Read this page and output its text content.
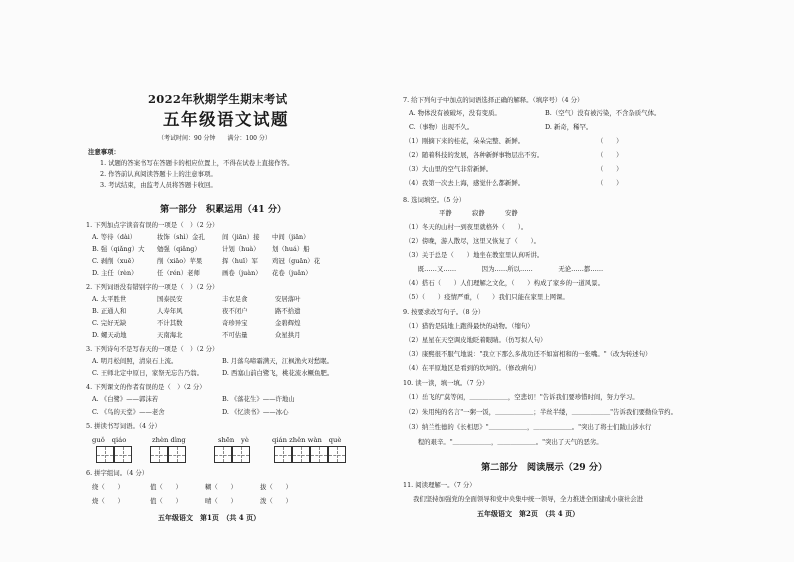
2022年秋期学生期末考试
五年级语文试题
（考试时间：90 分钟　　满分：100 分）
注意事项：
1. 试题的答案书写在答题卡的相应位置上，不得在试卷上直接作答。
2. 作答前认真阅读答题卡上的注意事项。
3. 考试结束，由监考人员将答题卡收回。
第一部分　积累运用（41 分）
1. 下列加点字读音有误的一项是（　）（2 分）
A. 等待（dài）	妆饰（shì）金孔	间（jiān）接 中间（jiān）
B. 强（qiǎng）大 勉强（qiǎng）	计划（huà） 划（huá）船
C. 剥削（xuē）	削（xiāo）苹果	挥（huī）军 鸡冠（guān）花
D. 主任（rèn）	任（rén）老师	画卷（juàn） 花卷（juǎn）
2. 下列词语没有错别字的一项是（　）（2 分）
A. 太平胜世	国泰民安	丰衣足食	安居落叶
B. 正通人和	人寿年风	夜不闭户	路不拾遗
C. 完好无缺	不计其数	奇珍异宝	金碧辉煌
D. 螺天动地	天南海北	不可估量	众星拱月
3. 下列诗句不是写春天的一项是（　）（2 分）
A. 明月松间照，清泉石上流。	B. 月落乌啼霜满天，江枫渔火对愁眠。
C. 王师北定中原日，家祭无忘告乃翁。	D. 西塞山前白鹭飞，桃花流水鳜鱼肥。
4. 下列课文的作者有误的是（　）（2 分）
A. 《白鹭》——郭沫若	B. 《落花生》——许地山
C. 《鸟的天堂》——老舍	D. 《忆读书》——冰心
5. 拼读书写词语。（4 分）
guǒ　qiáo	zhèn dìng	shēn　yè	qián zhěn wàn　què
6. 拼字组词。（4 分）
绕（　　）	值（　　）	糊（　　）	拔（　　）
烧（　　）	值（　　）	晴（　　）	泼（　　）
五年级语文　第1页　（共 4 页）
7. 给下列句子中加点的词语选择正确的解释。（填序号）（4 分）
A. 物体没有被破坏，没有变质。	B.（空气）没有被污染，不含杂质气体。
C.（事物）出现不久。	D. 新奇，稀罕。
（1）刚摘下来的桂花，朵朵完整、新鲜。	（　　）
（2）随着科技的发展，各种新鲜事物层出不穷。	（　　）
（3）大山里的空气非常新鲜。	（　　）
（4）我第一次去上海，感觉什么都新鲜。	（　　）
8. 选词填空。（5 分）
平静	寂静	安静
（1）冬天的山村一到夜里就格外（　　）。
（2）傍晚，游人散尽，这里又恢复了（　　）。
（3）关于总是（　　）地坐在教室里认真听讲。
　　既……又……　　　　因为……所以……　　　　无论……都……
（4）搭石（　　）人们理解之文化，（　　）构成了家乡的一道风景。
（5）（　　）疫情严重，（　　）我们只能在家里上网课。
9. 按要求改写句子。（8 分）
（1）猎豹是陆地上跑得最快的动物。（缩句）
（2）星星在天空调皮地眨着眼睛。（仿写拟人句）
（3）康熙很不服气地说："我立下那么多战功还不如富相和的一张嘴。"（改为转述句）
（4）在平原地区是看到的坎坷的。（修改病句）
10. 读一读，填一填。（7 分）
（1）岳飞的"莫等闲，＿＿＿＿＿＿，空悲切！"告诉我们要珍惜时间，努力学习。
（2）朱用纯的名言"一粥一饭，＿＿＿＿＿＿；半丝半缕，＿＿＿＿＿＿"告诉我们要勤俭节约。
（3）纳兰性德的《长相思》"＿＿＿＿＿＿，＿＿＿＿＿＿。"突出了将士们跋山涉水行
　　程的艰辛。"＿＿＿＿＿＿，＿＿＿＿＿＿。"突出了天气的恶劣。
第二部分　阅读展示（29 分）
11. 阅读理解一。（7 分）
我们坚持加强党的全面领导和党中央集中统一领导，全力推进全面建成小康社会进
五年级语文　第2页　（共 4 页）
